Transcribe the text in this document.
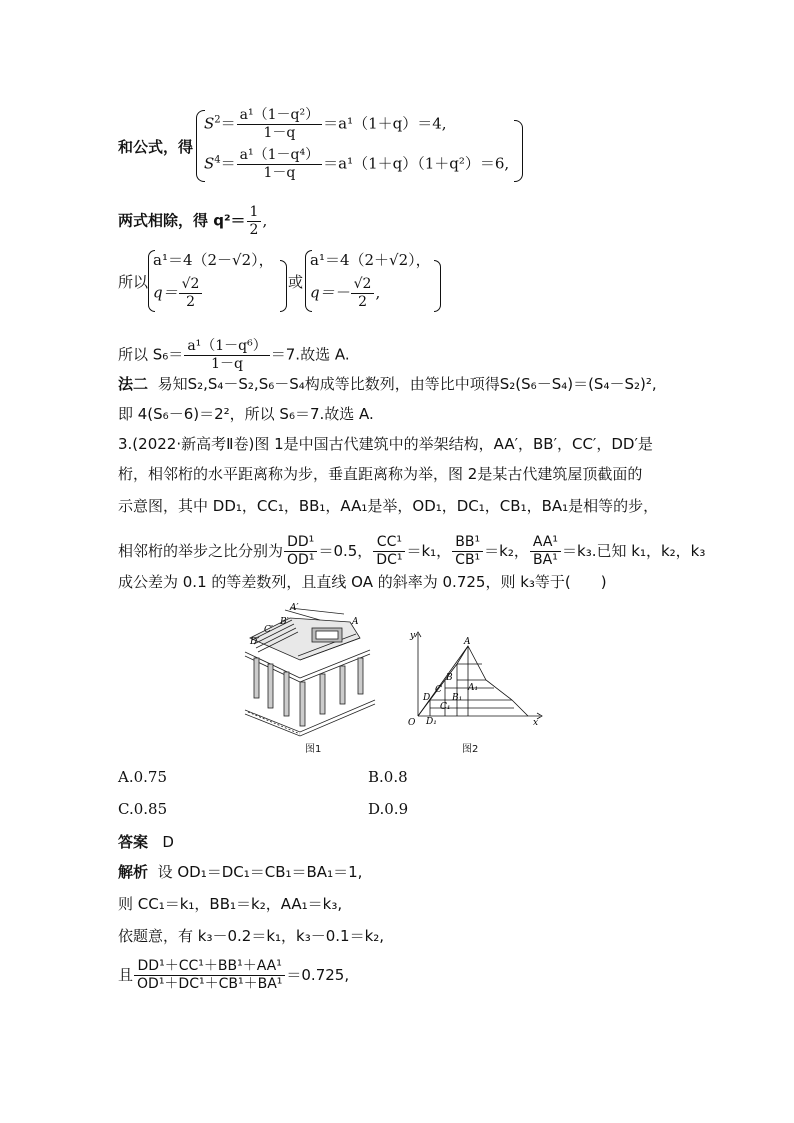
和公式，得
$S^2= \frac{\text{a¹（1－q²）}}{1-q} =a^1(1+q)=4$,
$S^4= \frac{\text{a¹（1－q⁴）}}{1-q} =a^1(1+q)(1+q^2)=6$,
两式相除，得 $q^2= \frac{1}{2}$ ,
所以
a¹＝4（2－√2），
$q= \frac{√2}{2}$	或
a¹＝4（2＋√2），
$q=- \frac{√2}{2}$ ,
所以 $S_6= \frac{\text{a¹（1－q⁶）}}{1-q} =7$.故选 A.
法二 易知S₂,S₄－S₂,S₆－S₄构成等比数列，由等比中项得S₂(S₆－S₄)＝(S₄－S₂)²,
即 4(S₆－6)＝2²，所以 S₆＝7.故选 A.
3.(2022·新高考Ⅱ卷)图 1是中国古代建筑中的举架结构，AA′，BB′，CC′，DD′是
桁，相邻桁的水平距离称为步，垂直距离称为举，图 2是某古代建筑屋顶截面的
示意图，其中 DD₁，CC₁，BB₁，AA₁是举，OD₁，DC₁，CB₁，BA₁是相等的步，
相邻桁的举步之比分别为 $\frac{\text{DD¹}}{\text{OD¹}} =0.5$， $\frac{\text{CC¹}}{\text{DC¹}} =k_1$， $\frac{\text{BB¹}}{\text{CB¹}} =k_2$， $\frac{\text{AA¹}}{\text{BA¹}} =k_3$.已知 k₁，k₂，k₃
成公差为 0.1 的等差数列，且直线 OA 的斜率为 0.725，则 k₃等于(　　)
A′
B′
C′
D′
A
图1
y
x
O
A
B
C
D
A₁
B₁
C₁
D₁
图2
A.0.75	B.0.8
C.0.85	D.0.9
答案 D
解析 设 OD₁＝DC₁＝CB₁＝BA₁＝1,
则 CC₁＝k₁，BB₁＝k₂，AA₁＝k₃,
依题意，有 k₃－0.2＝k₁，k₃－0.1＝k₂,
且 $\frac{\text{DD¹＋CC¹＋BB¹＋AA¹}}{\text{OD¹＋DC¹＋CB¹＋BA¹}} =0.725$,
